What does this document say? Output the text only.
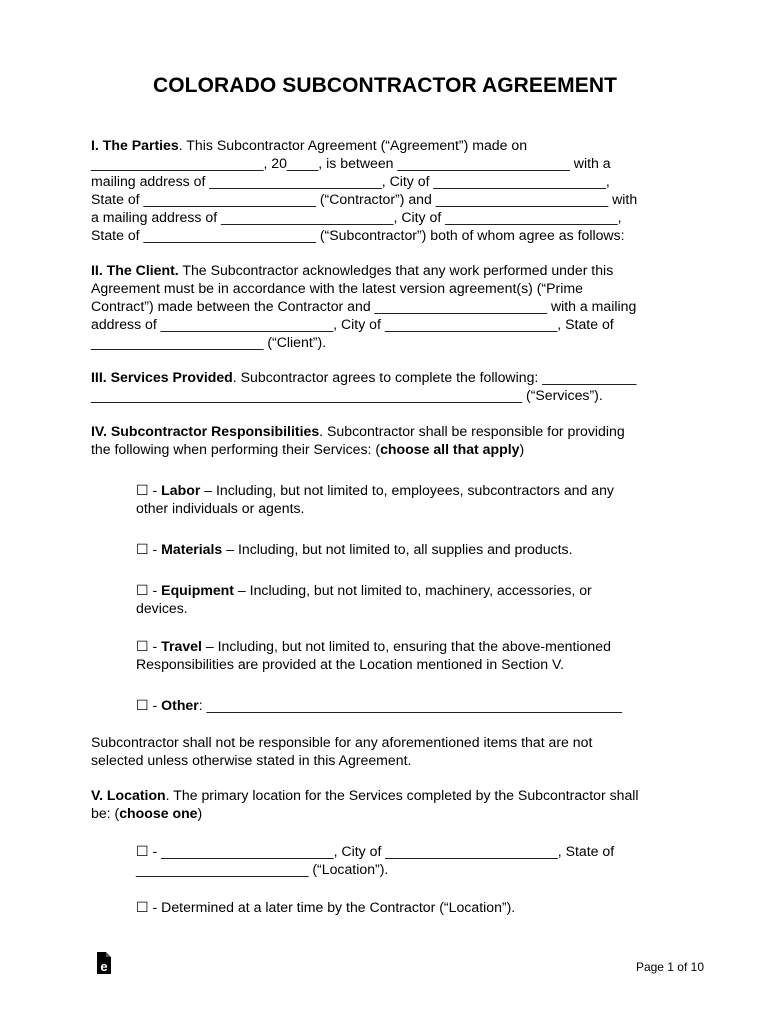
COLORADO SUBCONTRACTOR AGREEMENT
I. The Parties. This Subcontractor Agreement (“Agreement”) made on
______________________, 20____, is between ______________________ with a
mailing address of ______________________, City of ______________________,
State of ______________________ (“Contractor”) and ______________________ with
a mailing address of ______________________, City of ______________________,
State of ______________________ (“Subcontractor”) both of whom agree as follows:
II. The Client. The Subcontractor acknowledges that any work performed under this
Agreement must be in accordance with the latest version agreement(s) (“Prime
Contract”) made between the Contractor and ______________________ with a mailing
address of ______________________, City of ______________________, State of
______________________ (“Client”).
III. Services Provided. Subcontractor agrees to complete the following: ____________
_______________________________________________________ (“Services”).
IV. Subcontractor Responsibilities. Subcontractor shall be responsible for providing
the following when performing their Services: (choose all that apply)
☐ - Labor – Including, but not limited to, employees, subcontractors and any
other individuals or agents.
☐ - Materials – Including, but not limited to, all supplies and products.
☐ - Equipment – Including, but not limited to, machinery, accessories, or
devices.
☐ - Travel – Including, but not limited to, ensuring that the above-mentioned
Responsibilities are provided at the Location mentioned in Section V.
☐ - Other: _____________________________________________________
Subcontractor shall not be responsible for any aforementioned items that are not
selected unless otherwise stated in this Agreement.
V. Location. The primary location for the Services completed by the Subcontractor shall
be: (choose one)
☐ - ______________________, City of ______________________, State of
______________________ (“Location”).
☐ - Determined at a later time by the Contractor (“Location”).
e	Page 1 of 10
